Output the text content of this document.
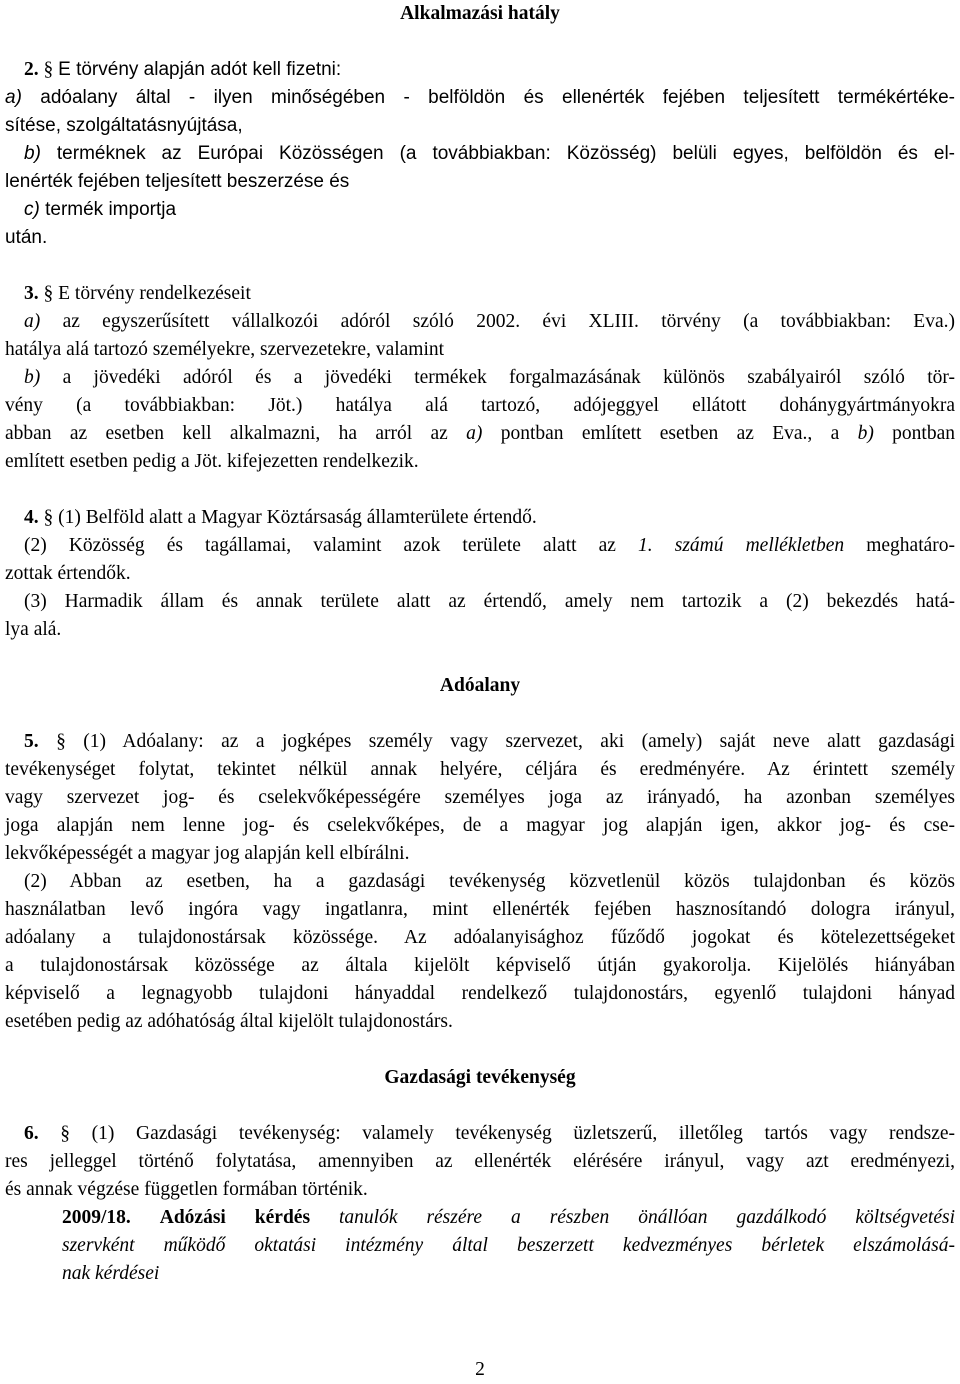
Alkalmazási hatály
2. § E törvény alapján adót kell fizetni:
a) adóalany által - ilyen minőségében - belföldön és ellenérték fejében teljesített termékértéke-
sítése, szolgáltatásnyújtása,
b) terméknek az Európai Közösségen (a továbbiakban: Közösség) belüli egyes, belföldön és el-
lenérték fejében teljesített beszerzése és
c) termék importja
után.
3. § E törvény rendelkezéseit
a) az egyszerűsített vállalkozói adóról szóló 2002. évi XLIII. törvény (a továbbiakban: Eva.)
hatálya alá tartozó személyekre, szervezetekre, valamint
b) a jövedéki adóról és a jövedéki termékek forgalmazásának különös szabályairól szóló tör-
vény (a továbbiakban: Jöt.) hatálya alá tartozó, adójeggyel ellátott dohánygyártmányokra
abban az esetben kell alkalmazni, ha arról az a) pontban említett esetben az Eva., a b) pontban
említett esetben pedig a Jöt. kifejezetten rendelkezik.
4. § (1) Belföld alatt a Magyar Köztársaság államterülete értendő.
(2) Közösség és tagállamai, valamint azok területe alatt az 1. számú mellékletben meghatáro-
zottak értendők.
(3) Harmadik állam és annak területe alatt az értendő, amely nem tartozik a (2) bekezdés hatá-
lya alá.
Adóalany
5. § (1) Adóalany: az a jogképes személy vagy szervezet, aki (amely) saját neve alatt gazdasági
tevékenységet folytat, tekintet nélkül annak helyére, céljára és eredményére. Az érintett személy
vagy szervezet jog- és cselekvőképességére személyes joga az irányadó, ha azonban személyes
joga alapján nem lenne jog- és cselekvőképes, de a magyar jog alapján igen, akkor jog- és cse-
lekvőképességét a magyar jog alapján kell elbírálni.
(2) Abban az esetben, ha a gazdasági tevékenység közvetlenül közös tulajdonban és közös
használatban levő ingóra vagy ingatlanra, mint ellenérték fejében hasznosítandó dologra irányul,
adóalany a tulajdonostársak közössége. Az adóalanyisághoz fűződő jogokat és kötelezettségeket
a tulajdonostársak közössége az általa kijelölt képviselő útján gyakorolja. Kijelölés hiányában
képviselő a legnagyobb tulajdoni hányaddal rendelkező tulajdonostárs, egyenlő tulajdoni hányad
esetében pedig az adóhatóság által kijelölt tulajdonostárs.
Gazdasági tevékenység
6. § (1) Gazdasági tevékenység: valamely tevékenység üzletszerű, illetőleg tartós vagy rendsze-
res jelleggel történő folytatása, amennyiben az ellenérték elérésére irányul, vagy azt eredményezi,
és annak végzése független formában történik.
2009/18. Adózási kérdés tanulók részére a részben önállóan gazdálkodó költségvetési
szervként működő oktatási intézmény által beszerzett kedvezményes bérletek elszámolásá-
nak kérdései
2
